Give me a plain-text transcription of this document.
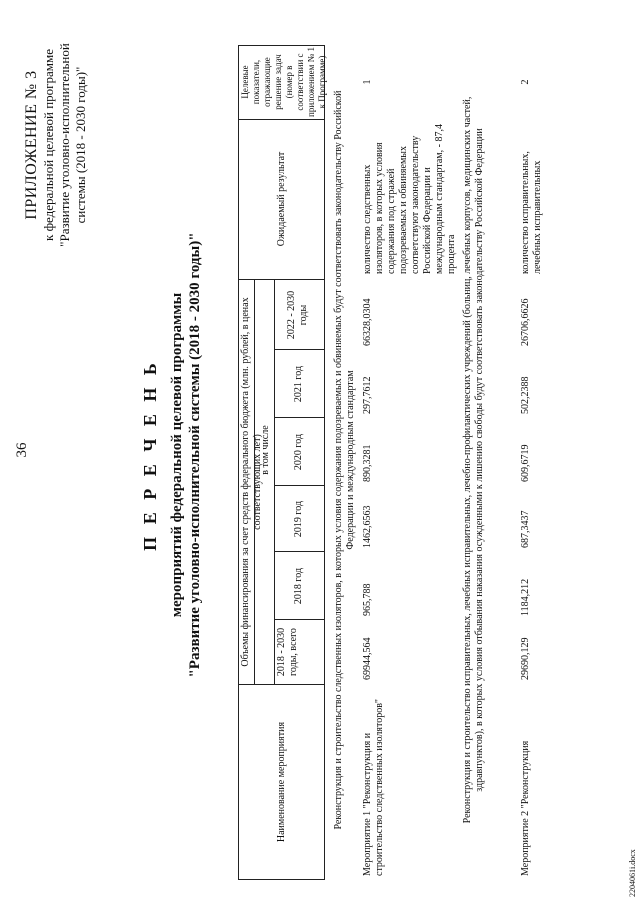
36
ПРИЛОЖЕНИЕ № 3 к федеральной целевой программе "Развитие уголовно-исполнительной системы (2018 - 2030 годы)"
П Е Р Е Ч Е Н Ь мероприятий федеральной целевой программы "Развитие уголовно-исполнительной системы (2018 - 2030 годы)"
Наименование мероприятия
Объемы финансирования за счет средств федерального бюджета (млн. рублей, в ценах соответствующих лет)
2018 - 2030 годы, всего
в том числе
2018 год
2019 год
2020 год
2021 год
2022 - 2030 годы
Ожидаемый результат
Целевые показатели, отражающие решение задач (номер в соответствии с приложением № 1 к Программе)
Реконструкция и строительство следственных изоляторов, в которых условия содержания подозреваемых и обвиняемых будут соответствовать законодательству Российской Федерации и международным стандартам
Мероприятие 1 "Реконструкция и строительство следственных изоляторов"
69944,564
965,788
1462,6563
890,3281
297,7612
66328,0304
количество следственных изоляторов, в которых условия содержания под стражей подозреваемых и обвиняемых соответствуют законодательству Российской Федерации и международным стандартам, - 87,4 процента
1
Реконструкция и строительство исправительных, лечебных исправительных, лечебно-профилактических учреждений (больниц, лечебных корпусов, медицинских частей, здравпунктов), в которых условия отбывания наказания осужденными к лишению свободы будут соответствовать законодательству Российской Федерации
Мероприятие 2 "Реконструкция
29690,129
1184,212
687,3437
609,6719
502,2388
26706,6626
количество исправительных, лечебных исправительных
2
2204061i.docx
